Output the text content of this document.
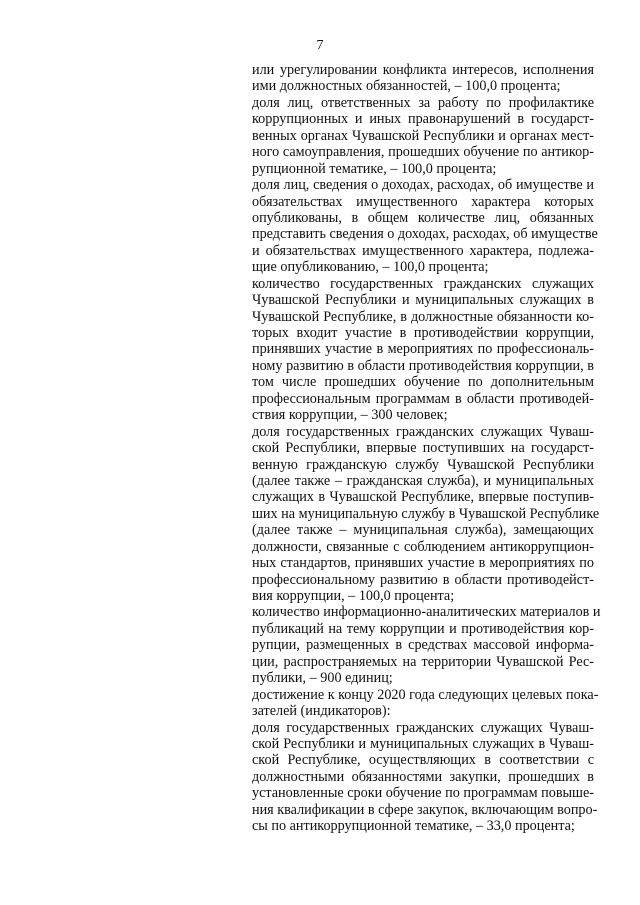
7
или урегулировании конфликта интересов, исполнения
ими должностных обязанностей, – 100,0 процента;
доля лиц, ответственных за работу по профилактике
коррупционных и иных правонарушений в государст-
венных органах Чувашской Республики и органах мест-
ного самоуправления, прошедших обучение по антикор-
рупционной тематике, – 100,0 процента;
доля лиц, сведения о доходах, расходах, об имуществе и
обязательствах имущественного характера которых
опубликованы, в общем количестве лиц, обязанных
представить сведения о доходах, расходах, об имуществе
и обязательствах имущественного характера, подлежа-
щие опубликованию, – 100,0 процента;
количество государственных гражданских служащих
Чувашской Республики и муниципальных служащих в
Чувашской Республике, в должностные обязанности ко-
торых входит участие в противодействии коррупции,
принявших участие в мероприятиях по профессиональ-
ному развитию в области противодействия коррупции, в
том числе прошедших обучение по дополнительным
профессиональным программам в области противодей-
ствия коррупции, – 300 человек;
доля государственных гражданских служащих Чуваш-
ской Республики, впервые поступивших на государст-
венную гражданскую службу Чувашской Республики
(далее также – гражданская служба), и муниципальных
служащих в Чувашской Республике, впервые поступив-
ших на муниципальную службу в Чувашской Республике
(далее также – муниципальная служба), замещающих
должности, связанные с соблюдением антикоррупцион-
ных стандартов, принявших участие в мероприятиях по
профессиональному развитию в области противодейст-
вия коррупции, – 100,0 процента;
количество информационно-аналитических материалов и
публикаций на тему коррупции и противодействия кор-
рупции, размещенных в средствах массовой информа-
ции, распространяемых на территории Чувашской Рес-
публики, – 900 единиц;
достижение к концу 2020 года следующих целевых пока-
зателей (индикаторов):
доля государственных гражданских служащих Чуваш-
ской Республики и муниципальных служащих в Чуваш-
ской Республике, осуществляющих в соответствии с
должностными обязанностями закупки, прошедших в
установленные сроки обучение по программам повыше-
ния квалификации в сфере закупок, включающим вопро-
сы по антикоррупционной тематике, – 33,0 процента;
